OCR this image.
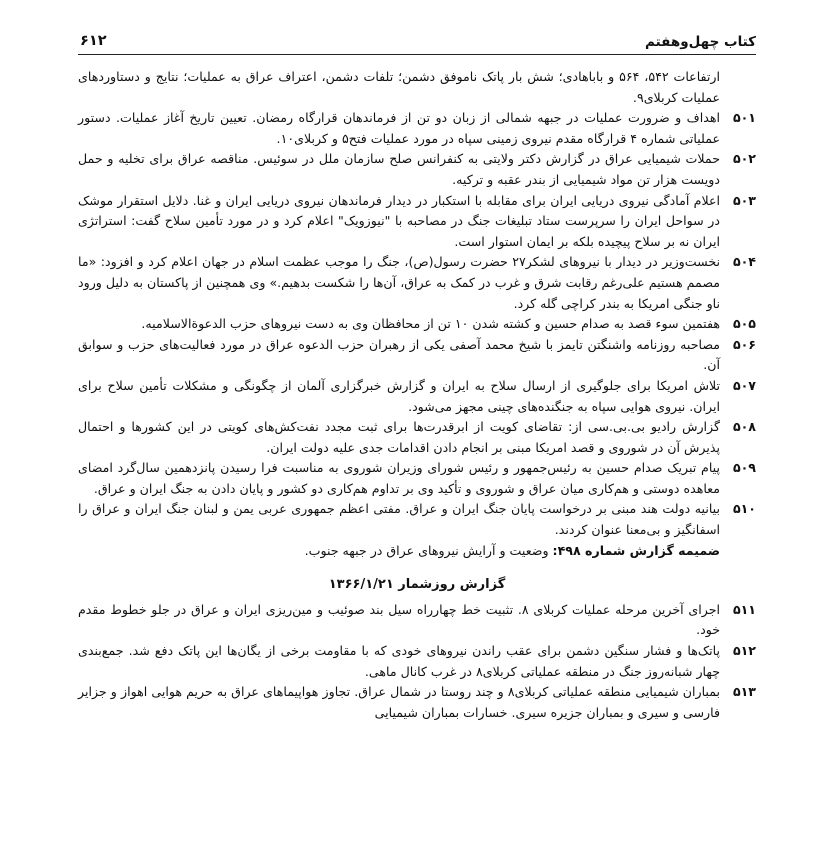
کتاب چهل‌وهفتم
۶۱۲

ارتفاعات ۵۴۲، ۵۶۴ و باباهادی؛ شش بار پاتک ناموفق دشمن؛ تلفات دشمن، اعتراف عراق به عملیات؛ نتایج و دستاوردهای عملیات کربلای۹.

۵۰۱
اهداف و ضرورت عملیات در جبهه شمالی از زبان دو تن از فرماندهان قرارگاه رمضان. تعیین تاریخ آغاز عملیات. دستور عملیاتی شماره ۴ قرارگاه مقدم نیروی زمینی سپاه در مورد عملیات فتح۵ و کربلای۱۰.
۵۰۲
حملات شیمیایی عراق در گزارش دکتر ولایتی به کنفرانس صلح سازمان ملل در سوئیس. مناقصه عراق برای تخلیه و حمل دویست هزار تن مواد شیمیایی از بندر عقبه و ترکیه.
۵۰۳
اعلام آمادگی نیروی دریایی ایران برای مقابله با استکبار در دیدار فرماندهان نیروی دریایی ایران و غنا. دلایل استقرار موشک در سواحل ایران را سرپرست ستاد تبلیغات جنگ در مصاحبه با "نیوزویک" اعلام کرد و در مورد تأمین سلاح گفت: استراتژی ایران نه بر سلاح پیچیده بلکه بر ایمان استوار است.
۵۰۴
نخست‌وزیر در دیدار با نیروهای لشکر۲۷ حضرت رسول(ص)، جنگ را موجب عظمت اسلام در جهان اعلام کرد و افزود: «ما مصمم هستیم علی‌رغم رقابت شرق و غرب در کمک به عراق، آن‌ها را شکست بدهیم.» وی همچنین از پاکستان به دلیل ورود ناو جنگی امریکا به بندر کراچی گله کرد.
۵۰۵
هفتمین سوء قصد به صدام حسین و کشته شدن ۱۰ تن از محافظان وی به دست نیروهای حزب الدعوةالاسلامیه.
۵۰۶
مصاحبه روزنامه واشنگتن تایمز با شیخ محمد آصفی یکی از رهبران حزب الدعوه عراق در مورد فعالیت‌های حزب و سوابق آن.
۵۰۷
تلاش امریکا برای جلوگیری از ارسال سلاح به ایران و گزارش خبرگزاری آلمان از چگونگی و مشکلات تأمین سلاح برای ایران. نیروی هوایی سپاه به جنگنده‌های چینی مجهز می‌شود.
۵۰۸
گزارش رادیو بی.بی.سی از: تقاضای کویت از ابرقدرت‌ها برای ثبت مجدد نفت‌کش‌های کویتی در این کشورها و احتمال پذیرش آن در شوروی و قصد امریکا مبنی بر انجام دادن اقدامات جدی علیه دولت ایران.
۵۰۹
پیام تبریک صدام حسین به رئیس‌جمهور و رئیس شورای وزیران شوروی به مناسبت فرا رسیدن پانزدهمین سال‌گرد امضای معاهده دوستی و هم‌کاری میان عراق و شوروی و تأکید وی بر تداوم هم‌کاری دو کشور و پایان دادن به جنگ ایران و عراق.
۵۱۰
بیانیه دولت هند مبنی بر درخواست پایان جنگ ایران و عراق. مفتی اعظم جمهوری عربی یمن و لبنان جنگ ایران و عراق را اسفانگیز و بی‌معنا عنوان کردند.

ضمیمه گزارش شماره ۴۹۸: وضعیت و آرایش نیروهای عراق در جبهه جنوب.

گزارش روزشمار ۱۳۶۶/۱/۲۱
۵۱۱
اجرای آخرین مرحله عملیات کربلای ۸. تثبیت خط چهارراه سیل بند صوئیب و مین‌ریزی ایران و عراق در جلو خطوط مقدم خود.
۵۱۲
پاتک‌ها و فشار سنگین دشمن برای عقب راندن نیروهای خودی که با مقاومت برخی از یگان‌ها این پاتک دفع شد. جمع‌بندی چهار شبانه‌روز جنگ در منطقه عملیاتی کربلای۸ در غرب کانال ماهی.
۵۱۳
بمباران شیمیایی منطقه عملیاتی کربلای۸ و چند روستا در شمال عراق. تجاوز هواپیماهای عراق به حریم هوایی اهواز و جزایر فارسی و سیری و بمباران جزیره سیری. خسارات بمباران شیمیایی
